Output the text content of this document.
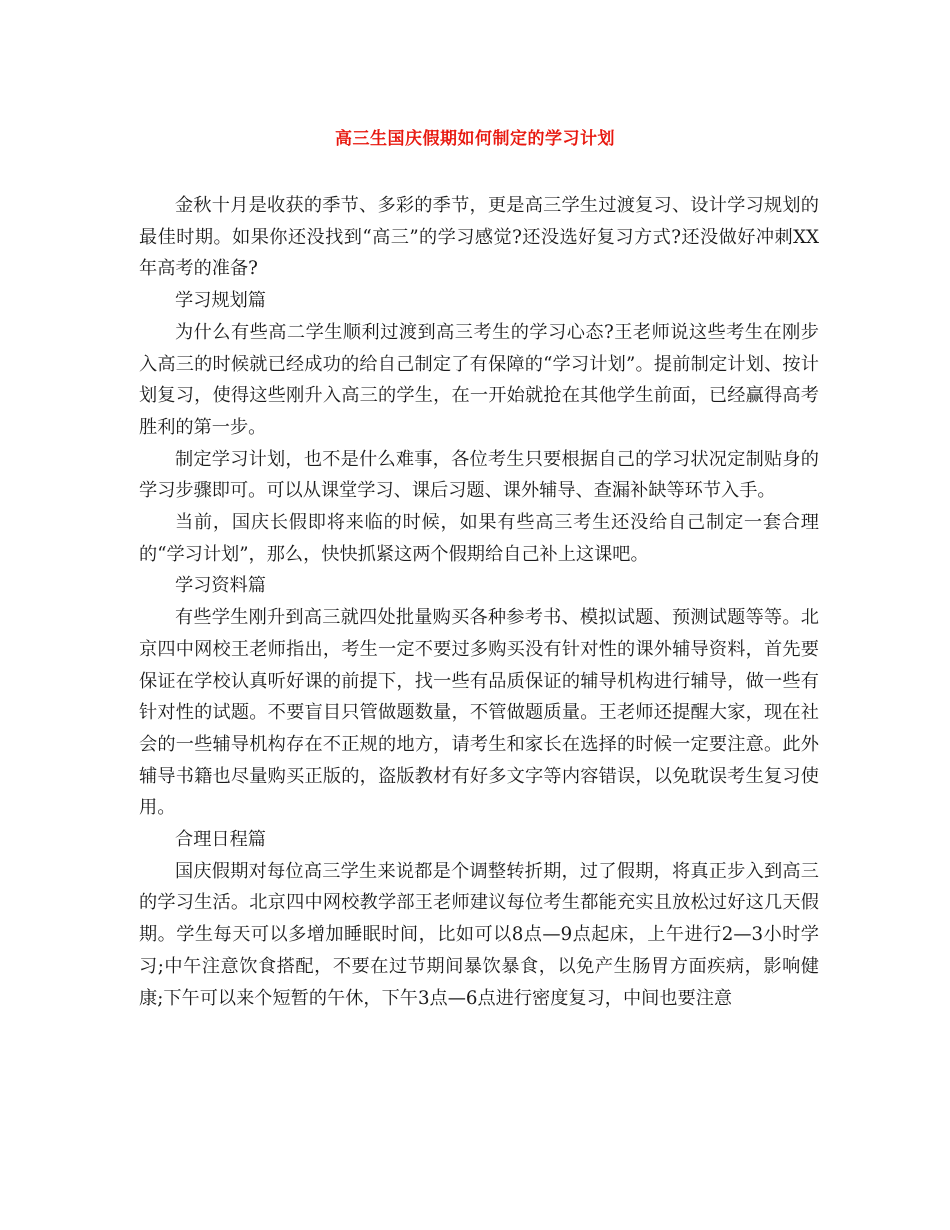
高三生国庆假期如何制定的学习计划

金秋十月是收获的季节、多彩的季节，更是高三学生过渡复习、设计学习规划的最佳时期。如果你还没找到“高三”的学习感觉?还没选好复习方式?还没做好冲刺XX年高考的准备?

学习规划篇

为什么有些高二学生顺利过渡到高三考生的学习心态?王老师说这些考生在刚步入高三的时候就已经成功的给自己制定了有保障的“学习计划”。提前制定计划、按计划复习，使得这些刚升入高三的学生，在一开始就抢在其他学生前面，已经赢得高考胜利的第一步。

制定学习计划，也不是什么难事，各位考生只要根据自己的学习状况定制贴身的学习步骤即可。可以从课堂学习、课后习题、课外辅导、查漏补缺等环节入手。

当前，国庆长假即将来临的时候，如果有些高三考生还没给自己制定一套合理的“学习计划”，那么，快快抓紧这两个假期给自己补上这课吧。

学习资料篇

有些学生刚升到高三就四处批量购买各种参考书、模拟试题、预测试题等等。北京四中网校王老师指出，考生一定不要过多购买没有针对性的课外辅导资料，首先要保证在学校认真听好课的前提下，找一些有品质保证的辅导机构进行辅导，做一些有针对性的试题。不要盲目只管做题数量，不管做题质量。王老师还提醒大家，现在社会的一些辅导机构存在不正规的地方，请考生和家长在选择的时候一定要注意。此外辅导书籍也尽量购买正版的，盗版教材有好多文字等内容错误，以免耽误考生复习使用。

合理日程篇

国庆假期对每位高三学生来说都是个调整转折期，过了假期，将真正步入到高三的学习生活。北京四中网校教学部王老师建议每位考生都能充实且放松过好这几天假期。学生每天可以多增加睡眠时间，比如可以8点—9点起床，上午进行2—3小时学习;中午注意饮食搭配，不要在过节期间暴饮暴食，以免产生肠胃方面疾病，影响健康;下午可以来个短暂的午休，下午3点—6点进行密度复习，中间也要注意
